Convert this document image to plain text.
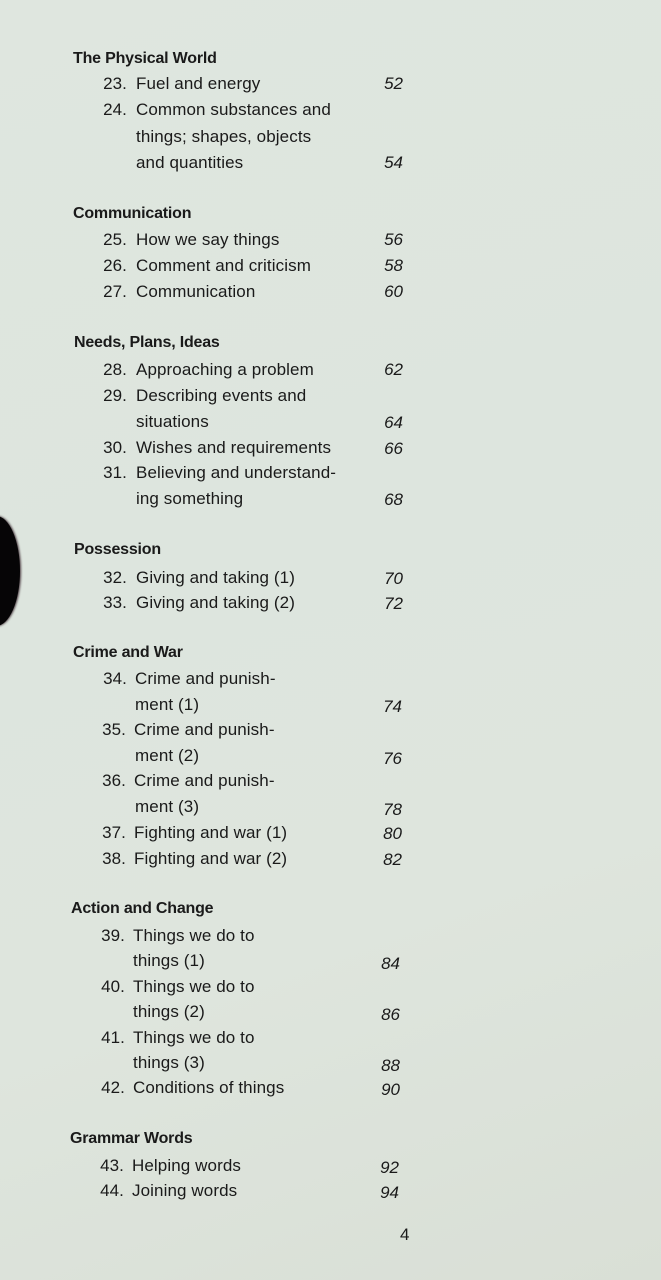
The Physical World
23. Fuel and energy	52
24. Common substances and
things; shapes, objects
and quantities	54
Communication
25. How we say things	56
26. Comment and criticism	58
27. Communication	60
Needs, Plans, Ideas
28. Approaching a problem	62
29. Describing events and
situations	64
30. Wishes and requirements	66
31. Believing and understand-
ing something	68
Possession
32. Giving and taking (1)	70
33. Giving and taking (2)	72
Crime and War
34. Crime and punish-
ment (1)	74
35. Crime and punish-
ment (2)	76
36. Crime and punish-
ment (3)	78
37. Fighting and war (1)	80
38. Fighting and war (2)	82
Action and Change
39. Things we do to
things (1)	84
40. Things we do to
things (2)	86
41. Things we do to
things (3)	88
42. Conditions of things	90
Grammar Words
43. Helping words	92
44. Joining words	94
4
